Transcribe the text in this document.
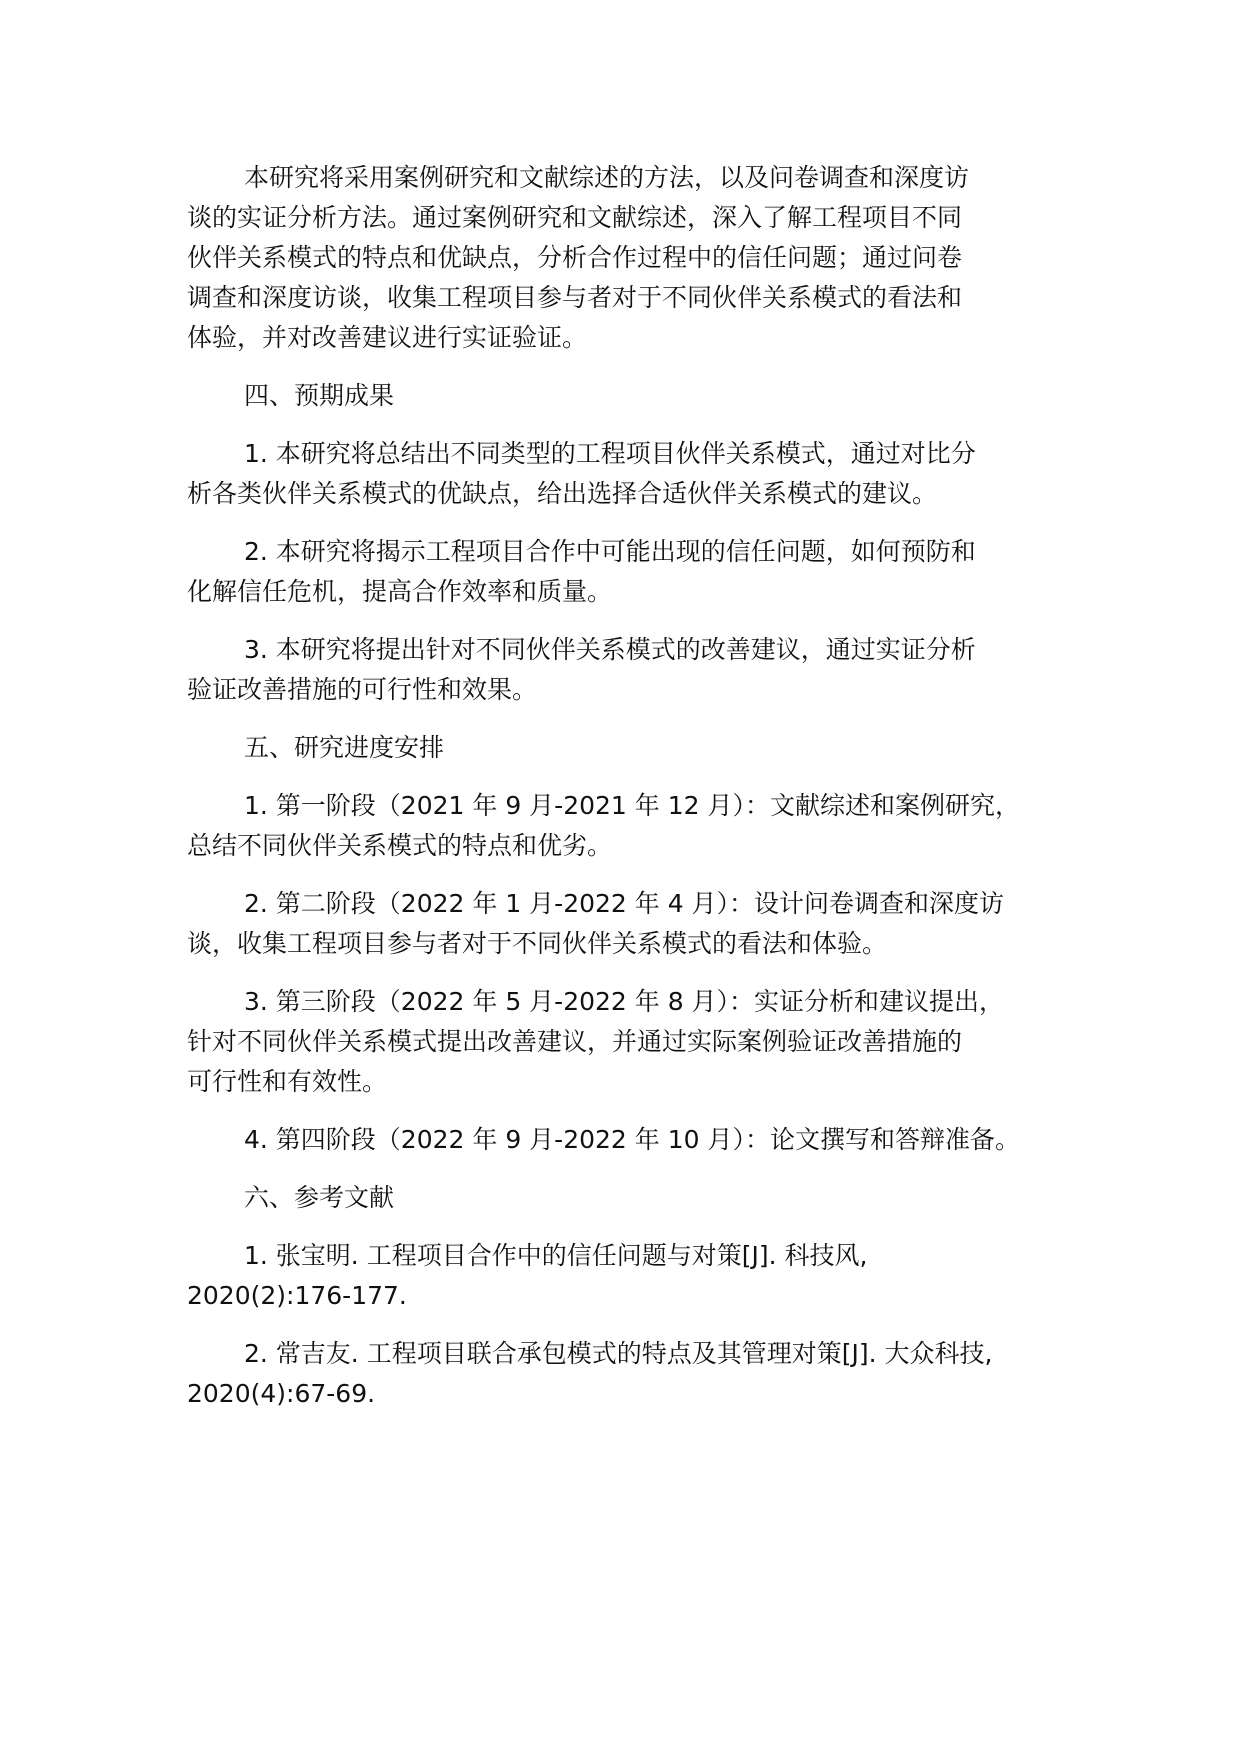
本研究将采用案例研究和文献综述的方法，以及问卷调查和深度访
谈的实证分析方法。通过案例研究和文献综述，深入了解工程项目不同
伙伴关系模式的特点和优缺点，分析合作过程中的信任问题；通过问卷
调查和深度访谈，收集工程项目参与者对于不同伙伴关系模式的看法和
体验，并对改善建议进行实证验证。

四、预期成果

1. 本研究将总结出不同类型的工程项目伙伴关系模式，通过对比分
析各类伙伴关系模式的优缺点，给出选择合适伙伴关系模式的建议。

2. 本研究将揭示工程项目合作中可能出现的信任问题，如何预防和
化解信任危机，提高合作效率和质量。

3. 本研究将提出针对不同伙伴关系模式的改善建议，通过实证分析
验证改善措施的可行性和效果。

五、研究进度安排

1. 第一阶段（2021 年 9 月-2021 年 12 月）：文献综述和案例研究，
总结不同伙伴关系模式的特点和优劣。

2. 第二阶段（2022 年 1 月-2022 年 4 月）：设计问卷调查和深度访
谈，收集工程项目参与者对于不同伙伴关系模式的看法和体验。

3. 第三阶段（2022 年 5 月-2022 年 8 月）：实证分析和建议提出，
针对不同伙伴关系模式提出改善建议，并通过实际案例验证改善措施的
可行性和有效性。

4. 第四阶段（2022 年 9 月-2022 年 10 月）：论文撰写和答辩准备。

六、参考文献

1. 张宝明. 工程项目合作中的信任问题与对策[J]. 科技风,
2020(2):176-177.

2. 常吉友. 工程项目联合承包模式的特点及其管理对策[J]. 大众科技,
2020(4):67-69.
